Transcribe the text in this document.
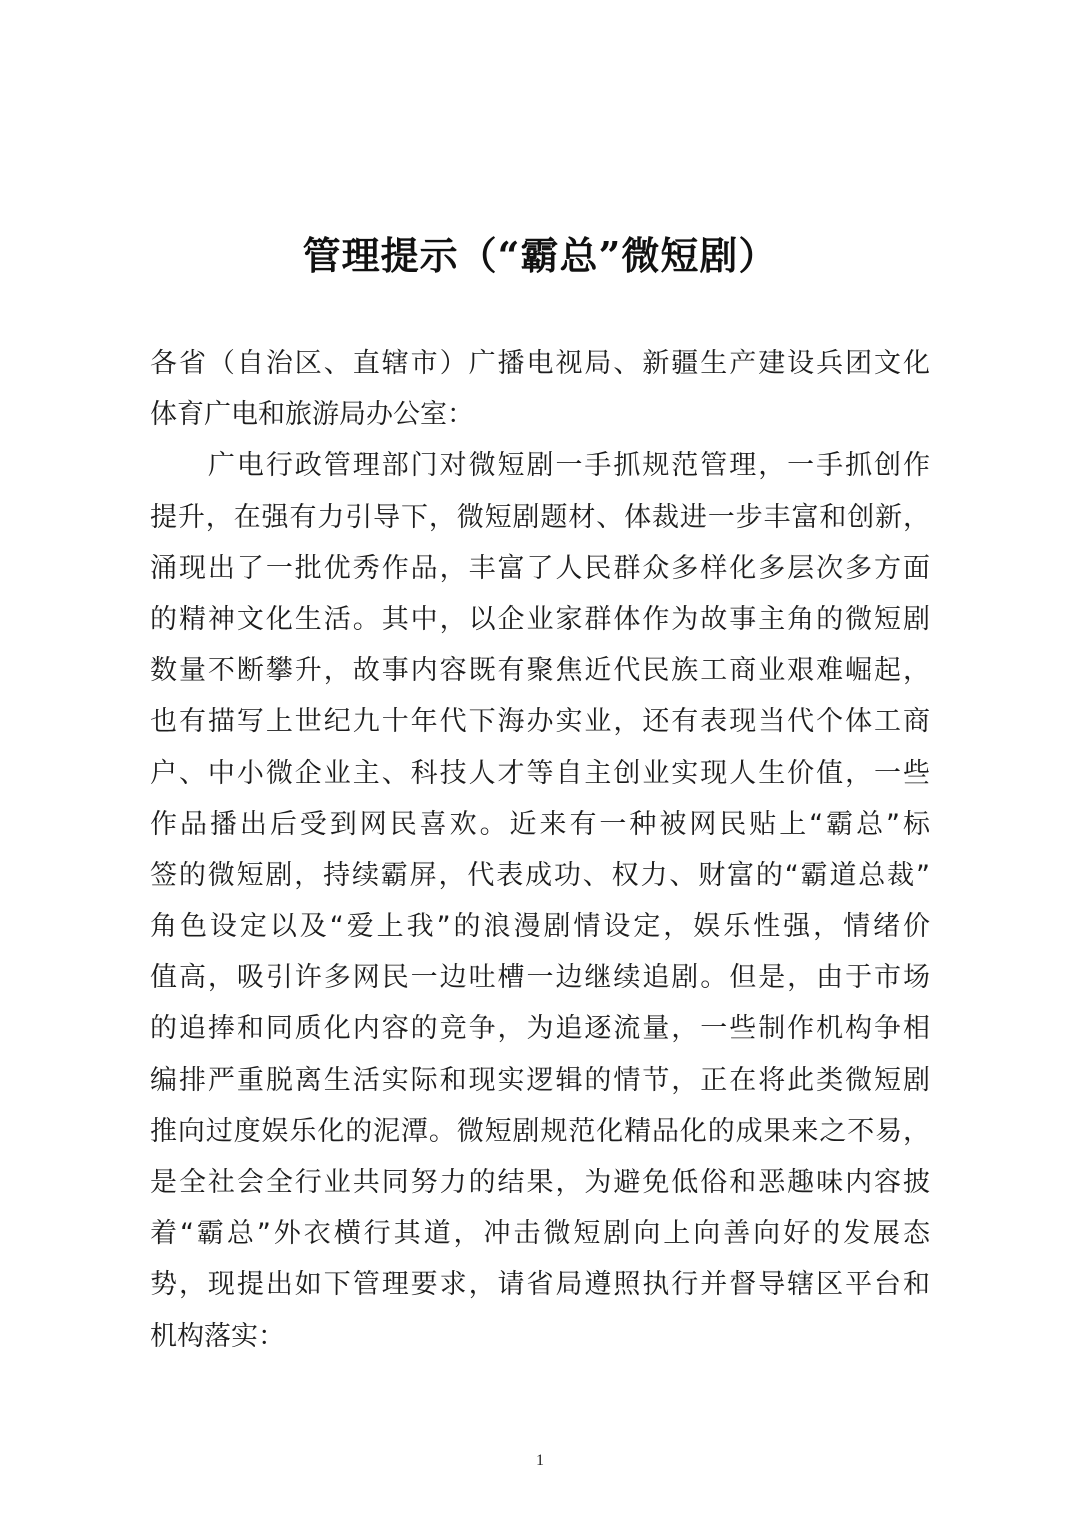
管理提示（“霸总”微短剧）
各省（自治区、直辖市）广播电视局、新疆生产建设兵团文化
体育广电和旅游局办公室：
　　广电行政管理部门对微短剧一手抓规范管理，一手抓创作
提升，在强有力引导下，微短剧题材、体裁进一步丰富和创新，
涌现出了一批优秀作品，丰富了人民群众多样化多层次多方面
的精神文化生活。其中，以企业家群体作为故事主角的微短剧
数量不断攀升，故事内容既有聚焦近代民族工商业艰难崛起，
也有描写上世纪九十年代下海办实业，还有表现当代个体工商
户、中小微企业主、科技人才等自主创业实现人生价值，一些
作品播出后受到网民喜欢。近来有一种被网民贴上“霸总”标
签的微短剧，持续霸屏，代表成功、权力、财富的“霸道总裁”
角色设定以及“爱上我”的浪漫剧情设定，娱乐性强，情绪价
值高，吸引许多网民一边吐槽一边继续追剧。但是，由于市场
的追捧和同质化内容的竞争，为追逐流量，一些制作机构争相
编排严重脱离生活实际和现实逻辑的情节，正在将此类微短剧
推向过度娱乐化的泥潭。微短剧规范化精品化的成果来之不易，
是全社会全行业共同努力的结果，为避免低俗和恶趣味内容披
着“霸总”外衣横行其道，冲击微短剧向上向善向好的发展态
势，现提出如下管理要求，请省局遵照执行并督导辖区平台和
机构落实：
1
